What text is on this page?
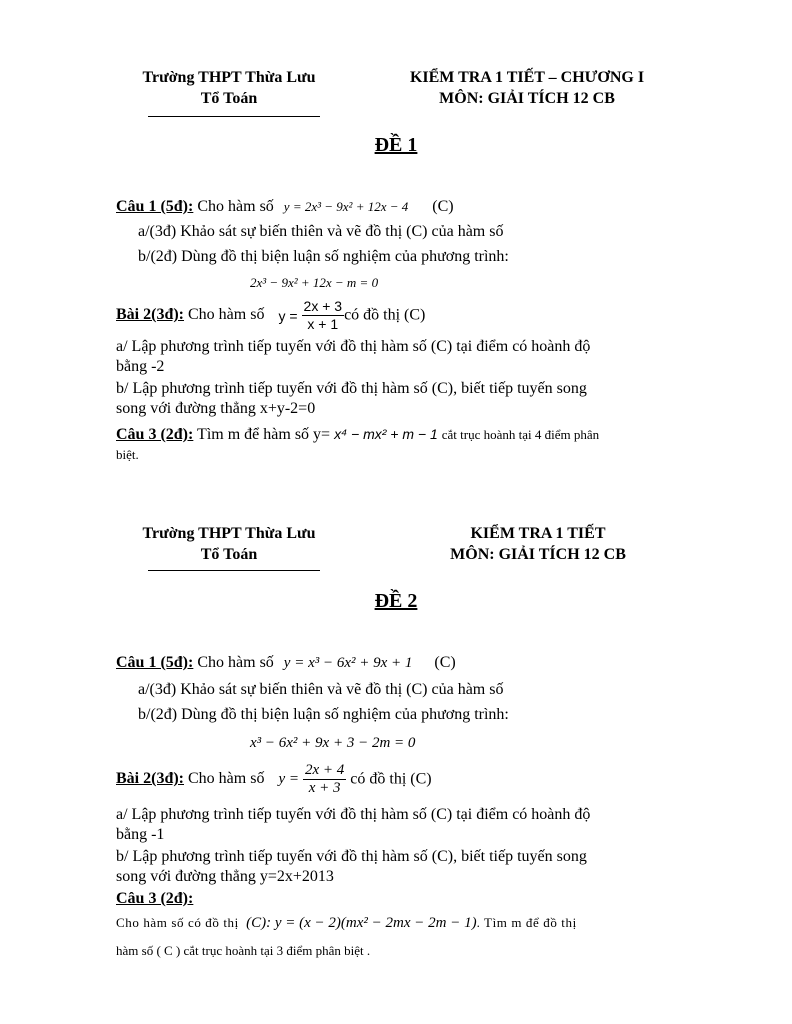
Trường THPT Thừa Lưu
Tổ Toán
KIỂM TRA 1 TIẾT – CHƯƠNG I
MÔN: GIẢI TÍCH 12 CB
ĐỀ 1
Câu 1 (5đ): Cho hàm số y = 2x³ − 9x² + 12x − 4 (C)
a/(3đ) Khảo sát sự biến thiên và vẽ đồ thị (C) của hàm số
b/(2đ) Dùng đồ thị biện luận số nghiệm của phương trình:
2x³ − 9x² + 12x − m = 0
Bài 2(3đ): Cho hàm số $y = \frac{2x + 3}{x + 1}$ có đồ thị (C)
a/ Lập phương trình tiếp tuyến với đồ thị hàm số (C) tại điểm có hoành độ
bằng -2
b/ Lập phương trình tiếp tuyến với đồ thị hàm số (C), biết tiếp tuyến song
song với đường thẳng x+y-2=0
Câu 3 (2đ): Tìm m để hàm số y= x⁴ − mx² + m − 1 cắt trục hoành tại 4 điểm phân
biệt.
Trường THPT Thừa Lưu
Tổ Toán
KIỂM TRA 1 TIẾT
MÔN: GIẢI TÍCH 12 CB
ĐỀ 2
Câu 1 (5đ): Cho hàm số y = x³ − 6x² + 9x + 1 (C)
a/(3đ) Khảo sát sự biến thiên và vẽ đồ thị (C) của hàm số
b/(2đ) Dùng đồ thị biện luận số nghiệm của phương trình:
x³ − 6x² + 9x + 3 − 2m = 0
Bài 2(3đ): Cho hàm số $y = \frac{2x + 4}{x + 3}$ có đồ thị (C)
a/ Lập phương trình tiếp tuyến với đồ thị hàm số (C) tại điểm có hoành độ
bằng -1
b/ Lập phương trình tiếp tuyến với đồ thị hàm số (C), biết tiếp tuyến song
song với đường thẳng y=2x+2013
Câu 3 (2đ):
Cho hàm số có đồ thị (C): y = (x − 2)(mx² − 2mx − 2m − 1). Tìm m để đồ thị
hàm số ( C ) cắt trục hoành tại 3 điểm phân biệt .
